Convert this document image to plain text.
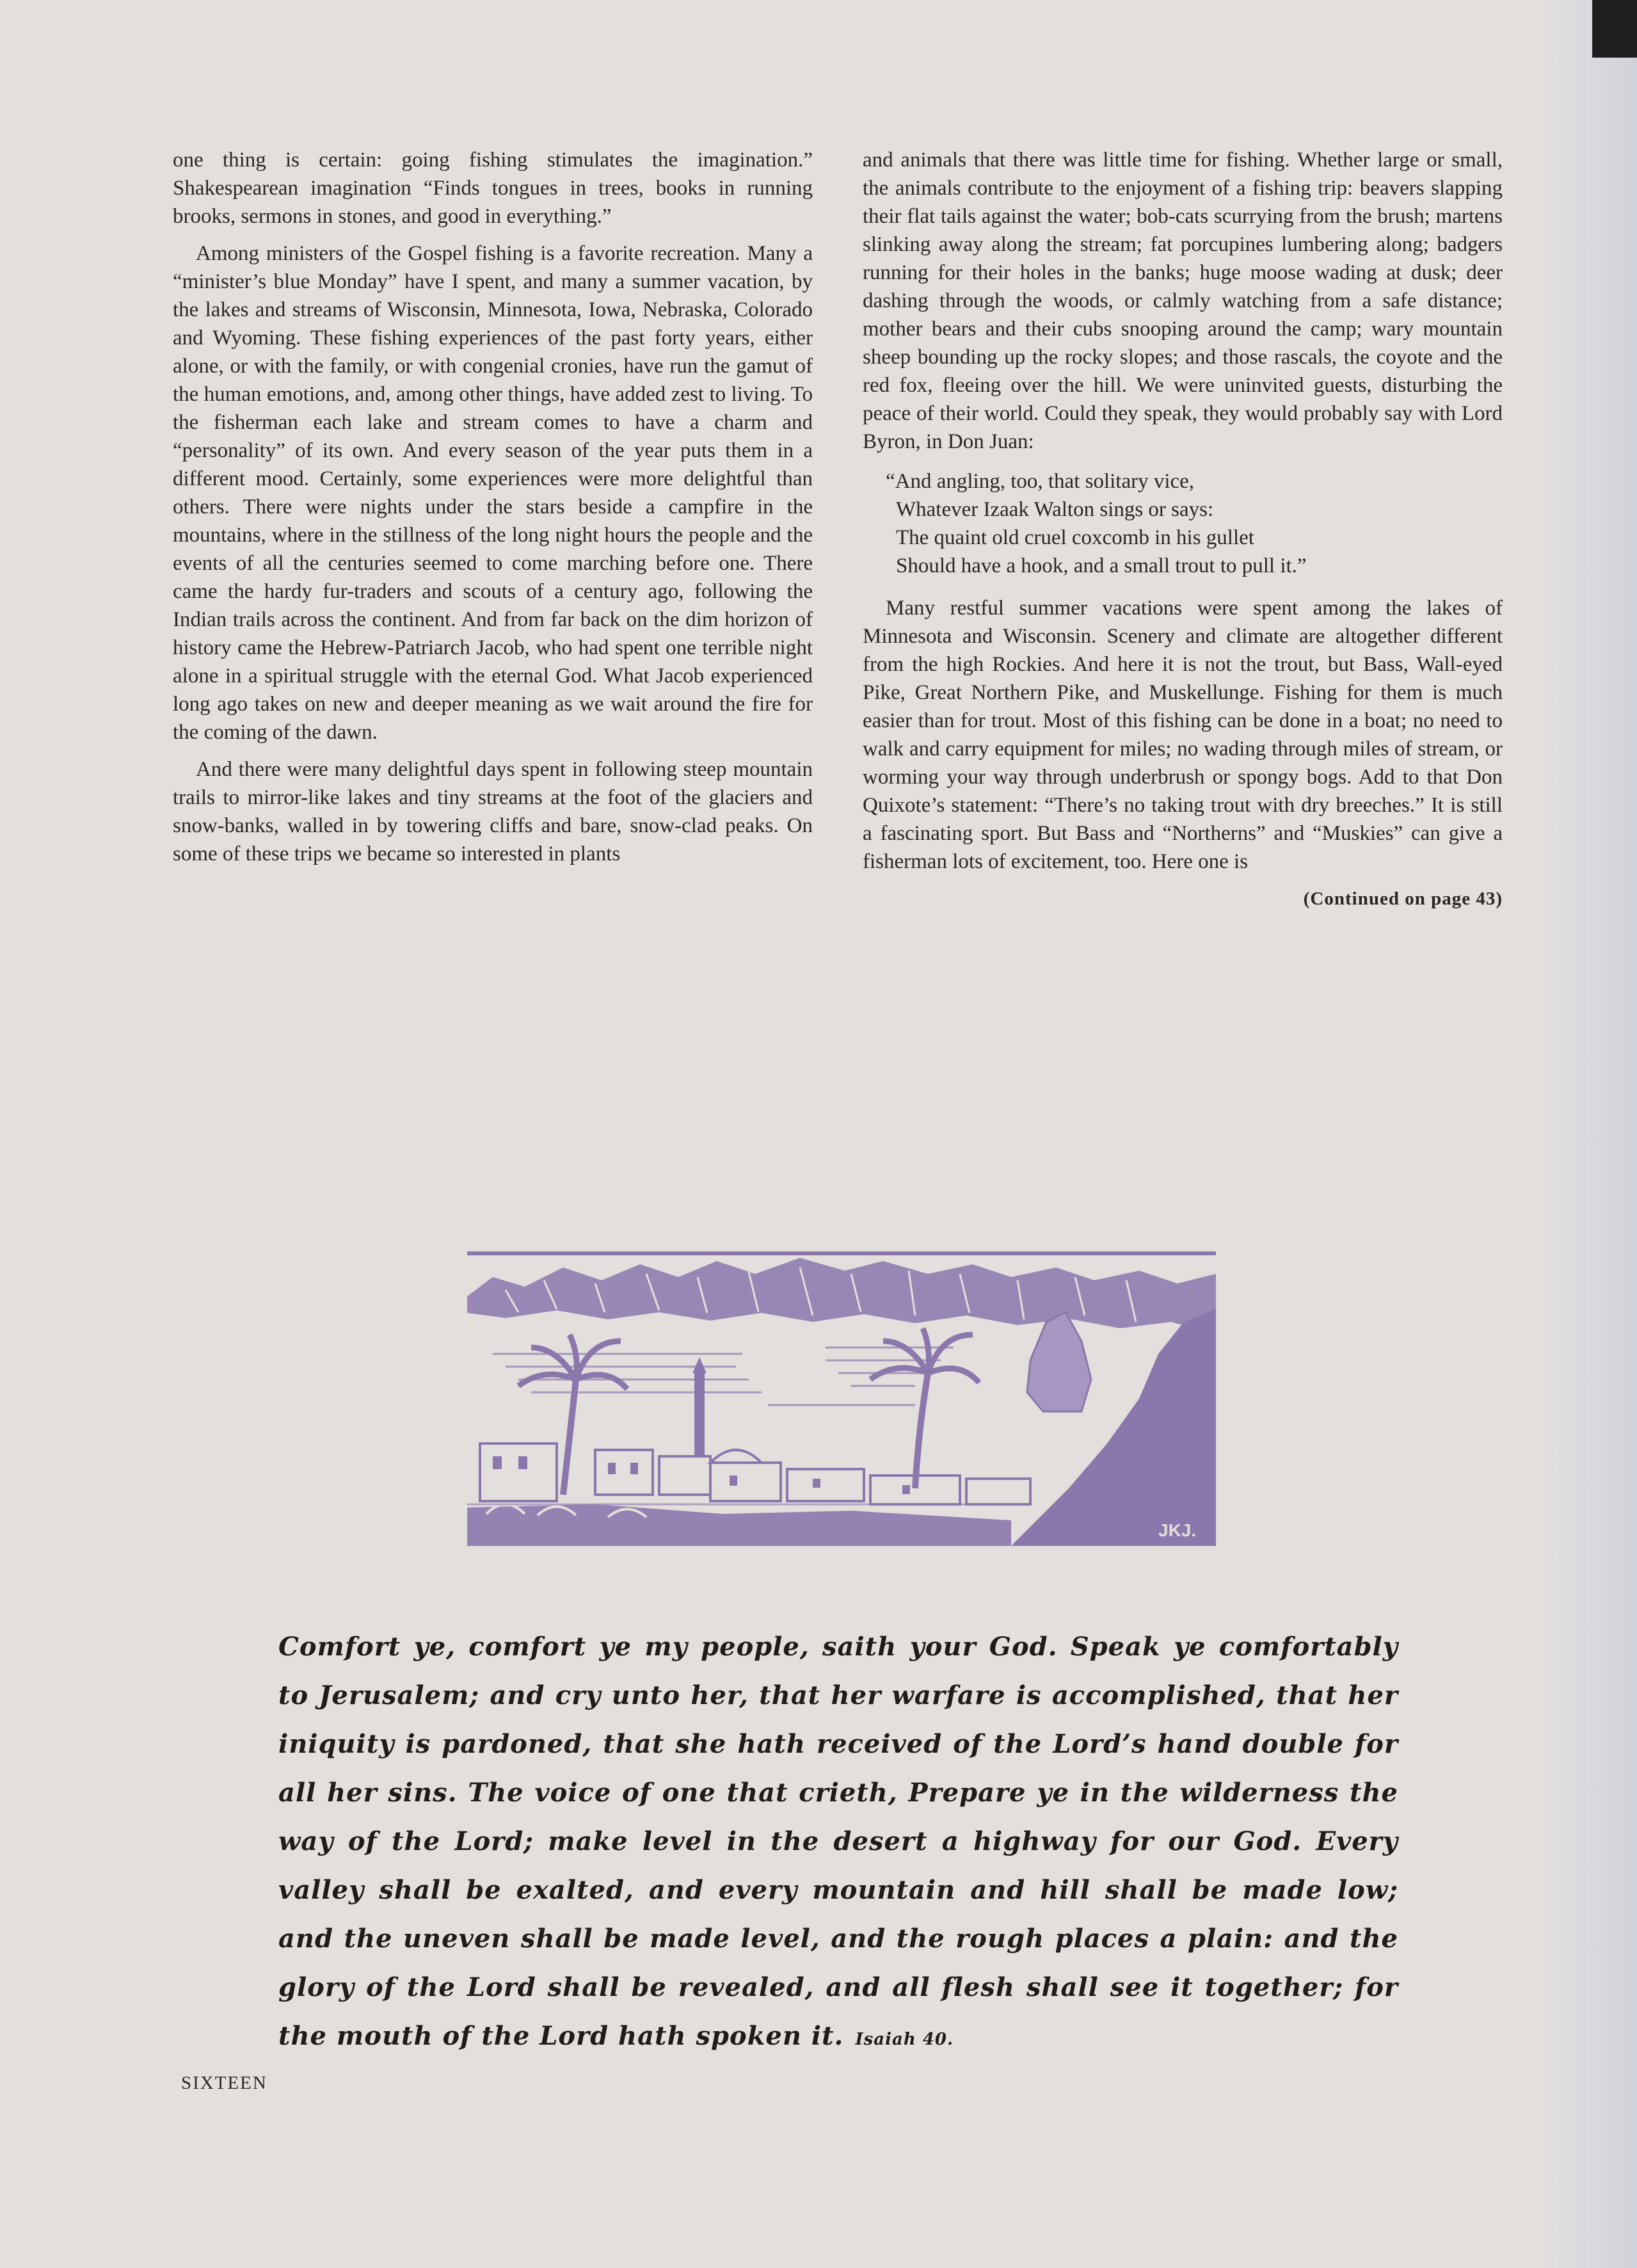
one thing is certain: going fishing stimulates the imagination.” Shakespearean imagination “Finds tongues in trees, books in running brooks, sermons in stones, and good in everything.”

Among ministers of the Gospel fishing is a favorite recreation. Many a “minister’s blue Monday” have I spent, and many a summer vacation, by the lakes and streams of Wisconsin, Minnesota, Iowa, Nebraska, Colorado and Wyoming. These fishing experiences of the past forty years, either alone, or with the family, or with congenial cronies, have run the gamut of the human emotions, and, among other things, have added zest to living. To the fisherman each lake and stream comes to have a charm and “personality” of its own. And every season of the year puts them in a different mood. Certainly, some experiences were more delightful than others. There were nights under the stars beside a campfire in the mountains, where in the stillness of the long night hours the people and the events of all the centuries seemed to come marching before one. There came the hardy fur-traders and scouts of a century ago, following the Indian trails across the continent. And from far back on the dim horizon of history came the Hebrew-Patriarch Jacob, who had spent one terrible night alone in a spiritual struggle with the eternal God. What Jacob experienced long ago takes on new and deeper meaning as we wait around the fire for the coming of the dawn.

And there were many delightful days spent in following steep mountain trails to mirror-like lakes and tiny streams at the foot of the glaciers and snow-banks, walled in by towering cliffs and bare, snow-clad peaks. On some of these trips we became so interested in plants

and animals that there was little time for fishing. Whether large or small, the animals contribute to the enjoyment of a fishing trip: beavers slapping their flat tails against the water; bob-cats scurrying from the brush; martens slinking away along the stream; fat porcupines lumbering along; badgers running for their holes in the banks; huge moose wading at dusk; deer dashing through the woods, or calmly watching from a safe distance; mother bears and their cubs snooping around the camp; wary mountain sheep bounding up the rocky slopes; and those rascals, the coyote and the red fox, fleeing over the hill. We were uninvited guests, disturbing the peace of their world. Could they speak, they would probably say with Lord Byron, in Don Juan:

“And angling, too, that solitary vice,
Whatever Izaak Walton sings or says:
The quaint old cruel coxcomb in his gullet
Should have a hook, and a small trout to pull it.”

Many restful summer vacations were spent among the lakes of Minnesota and Wisconsin. Scenery and climate are altogether different from the high Rockies. And here it is not the trout, but Bass, Wall-eyed Pike, Great Northern Pike, and Muskellunge. Fishing for them is much easier than for trout. Most of this fishing can be done in a boat; no need to walk and carry equipment for miles; no wading through miles of stream, or worming your way through underbrush or spongy bogs. Add to that Don Quixote’s statement: “There’s no taking trout with dry breeches.” It is still a fascinating sport. But Bass and “Northerns” and “Muskies” can give a fisherman lots of excitement, too. Here one is

(Continued on page 43)
JKJ.
Comfort ye, comfort ye my people, saith your God. Speak ye comfortably to Jerusalem; and cry unto her, that her warfare is accomplished, that her iniquity is pardoned, that she hath received of the Lord’s hand double for all her sins. The voice of one that crieth, Prepare ye in the wilderness the way of the Lord; make level in the desert a highway for our God. Every valley shall be exalted, and every mountain and hill shall be made low; and the uneven shall be made level, and the rough places a plain: and the glory of the Lord shall be revealed, and all flesh shall see it together; for the mouth of the Lord hath spoken it. Isaiah 40.
SIXTEEN
